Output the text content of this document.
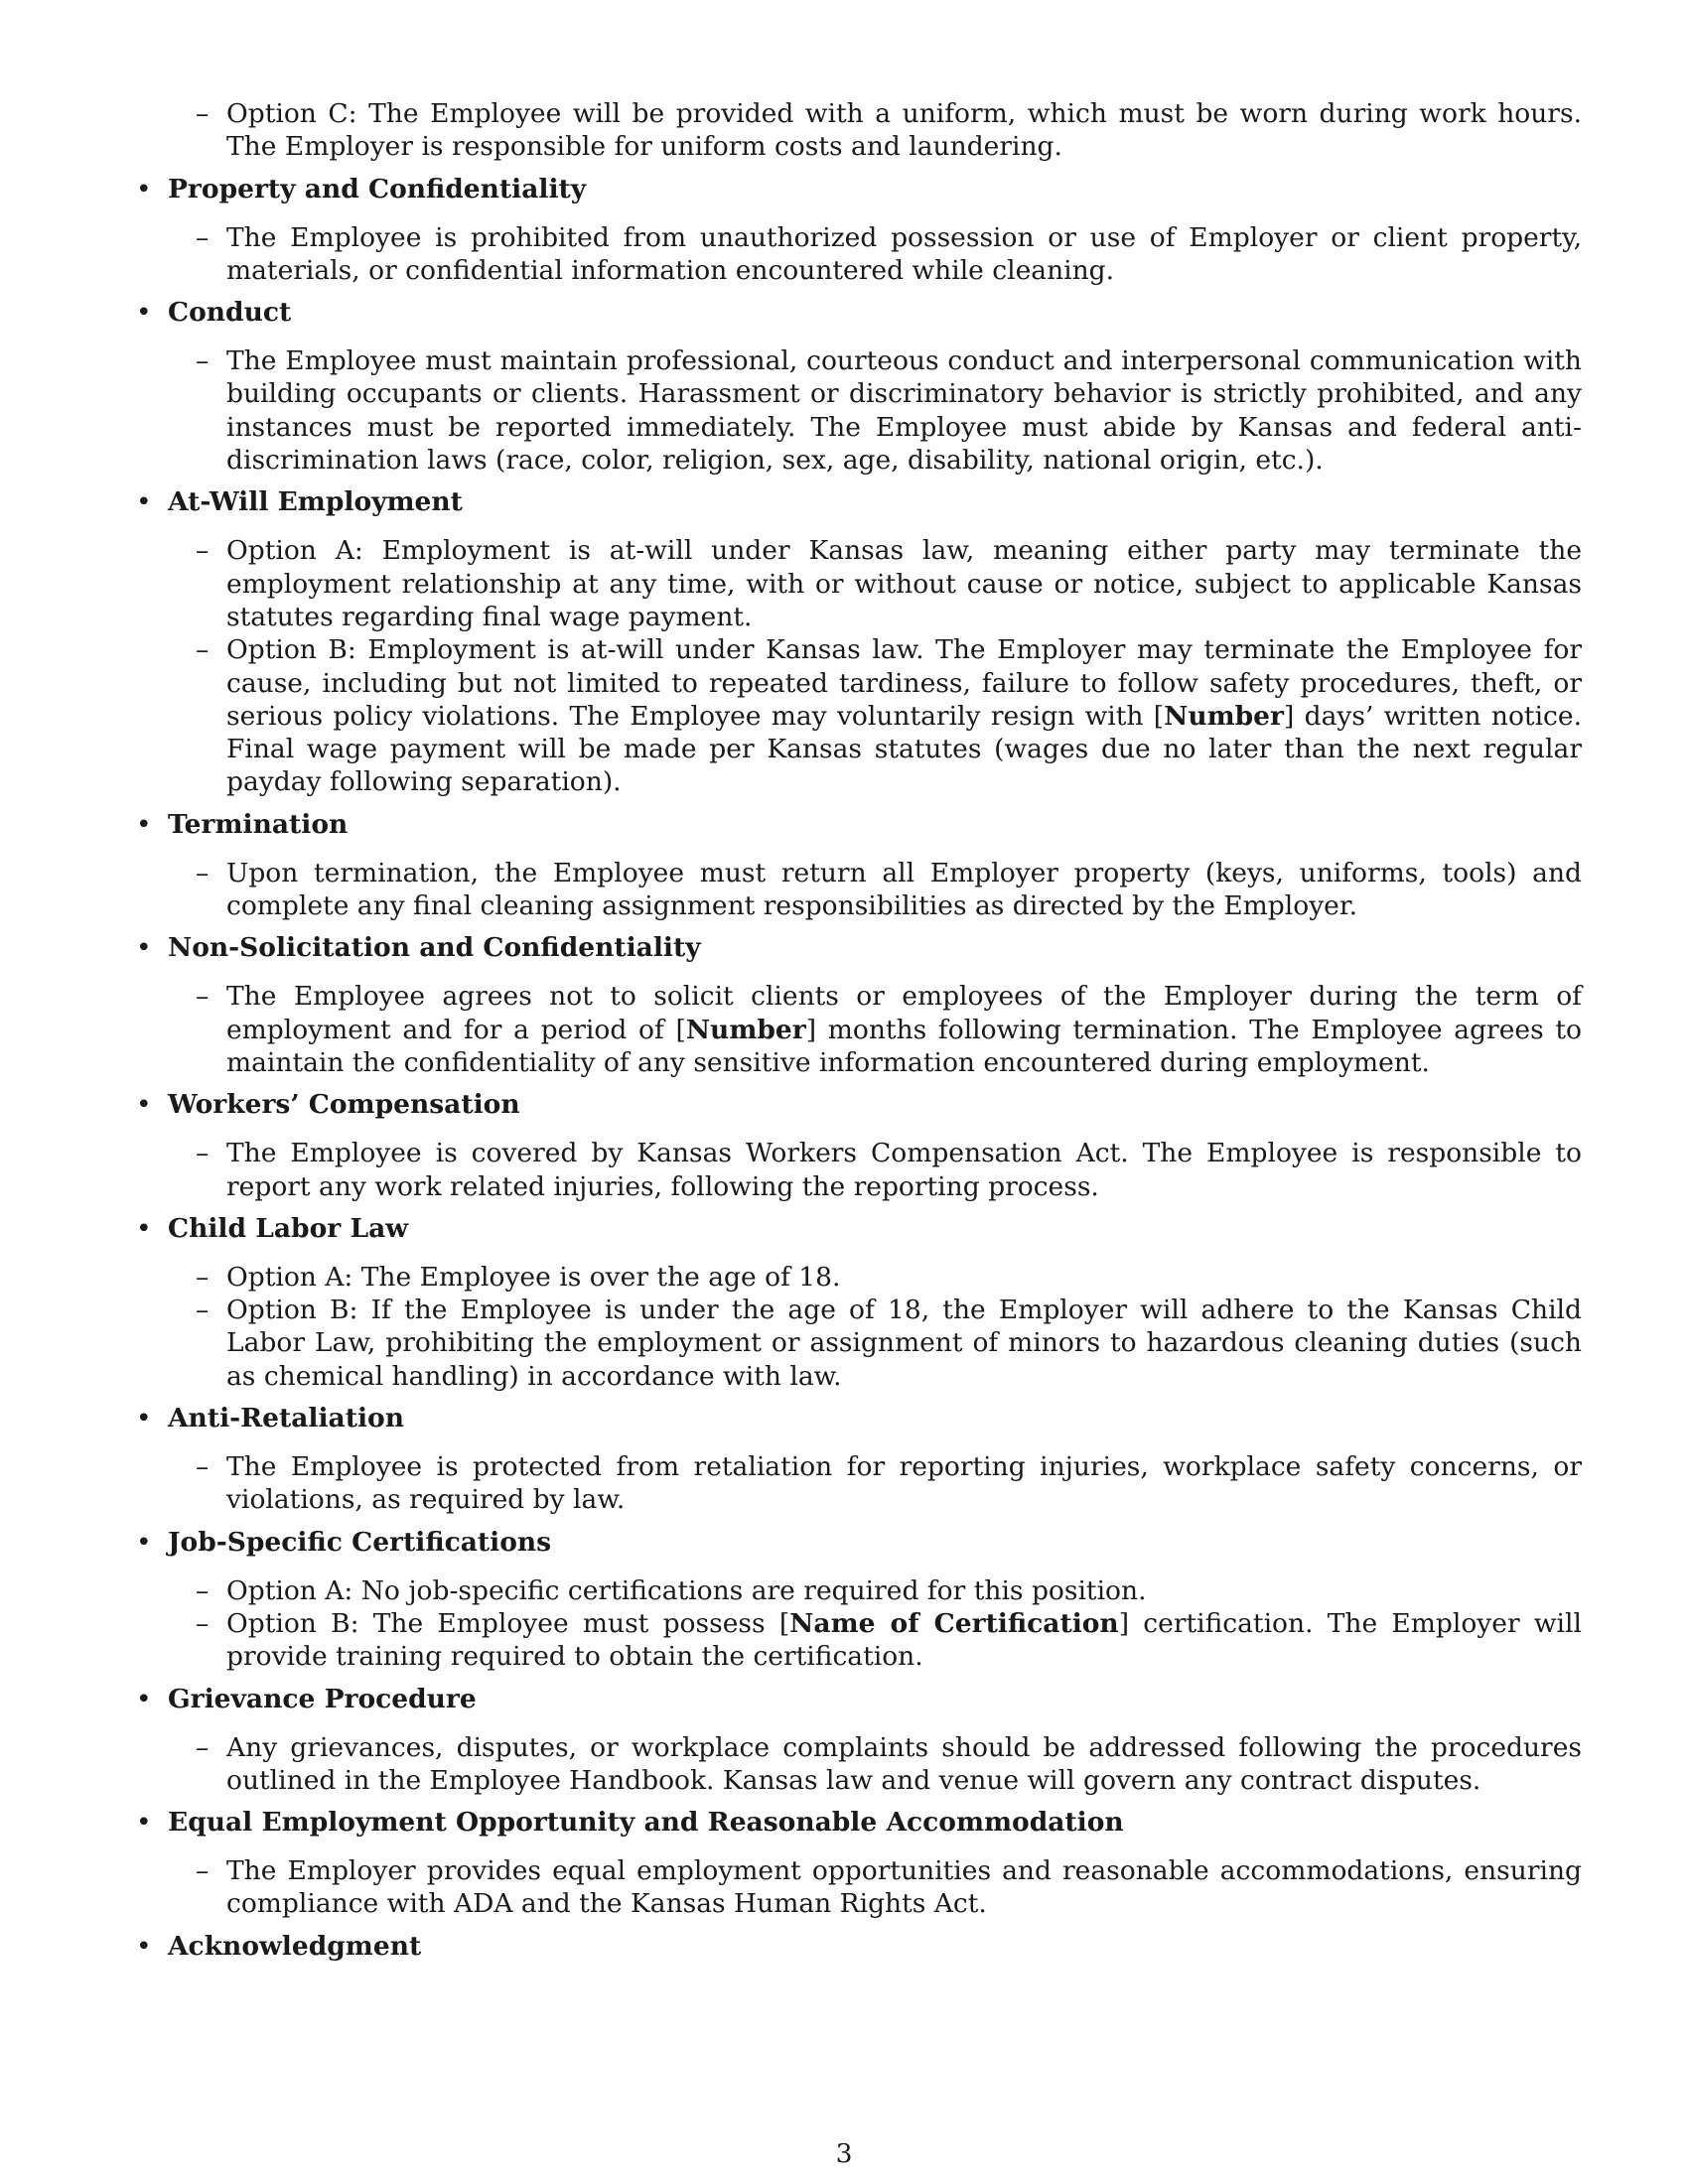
– Option C: The Employee will be provided with a uniform, which must be worn during work hours. The Employer is responsible for uniform costs and laundering.
• Property and Confidentiality
– The Employee is prohibited from unauthorized possession or use of Employer or client property, materials, or confidential information encountered while cleaning.
• Conduct
– The Employee must maintain professional, courteous conduct and interpersonal communication with building occupants or clients. Harassment or discriminatory behavior is strictly prohibited, and any instances must be reported immediately. The Employee must abide by Kansas and federal anti-discrimination laws (race, color, religion, sex, age, disability, national origin, etc.).
• At-Will Employment
– Option A: Employment is at-will under Kansas law, meaning either party may terminate the employment relationship at any time, with or without cause or notice, subject to applicable Kansas statutes regarding final wage payment.
– Option B: Employment is at-will under Kansas law. The Employer may terminate the Employee for cause, including but not limited to repeated tardiness, failure to follow safety procedures, theft, or serious policy violations. The Employee may voluntarily resign with [Number] days’ written notice. Final wage payment will be made per Kansas statutes (wages due no later than the next regular payday following separation).
• Termination
– Upon termination, the Employee must return all Employer property (keys, uniforms, tools) and complete any final cleaning assignment responsibilities as directed by the Employer.
• Non-Solicitation and Confidentiality
– The Employee agrees not to solicit clients or employees of the Employer during the term of employment and for a period of [Number] months following termination. The Employee agrees to maintain the confidentiality of any sensitive information encountered during employment.
• Workers’ Compensation
– The Employee is covered by Kansas Workers Compensation Act. The Employee is responsible to report any work related injuries, following the reporting process.
• Child Labor Law
– Option A: The Employee is over the age of 18.
– Option B: If the Employee is under the age of 18, the Employer will adhere to the Kansas Child Labor Law, prohibiting the employment or assignment of minors to hazardous cleaning duties (such as chemical handling) in accordance with law.
• Anti-Retaliation
– The Employee is protected from retaliation for reporting injuries, workplace safety concerns, or violations, as required by law.
• Job-Specific Certifications
– Option A: No job-specific certifications are required for this position.
– Option B: The Employee must possess [Name of Certification] certification. The Employer will provide training required to obtain the certification.
• Grievance Procedure
– Any grievances, disputes, or workplace complaints should be addressed following the procedures outlined in the Employee Handbook. Kansas law and venue will govern any contract disputes.
• Equal Employment Opportunity and Reasonable Accommodation
– The Employer provides equal employment opportunities and reasonable accommodations, ensuring compliance with ADA and the Kansas Human Rights Act.
• Acknowledgment
3
